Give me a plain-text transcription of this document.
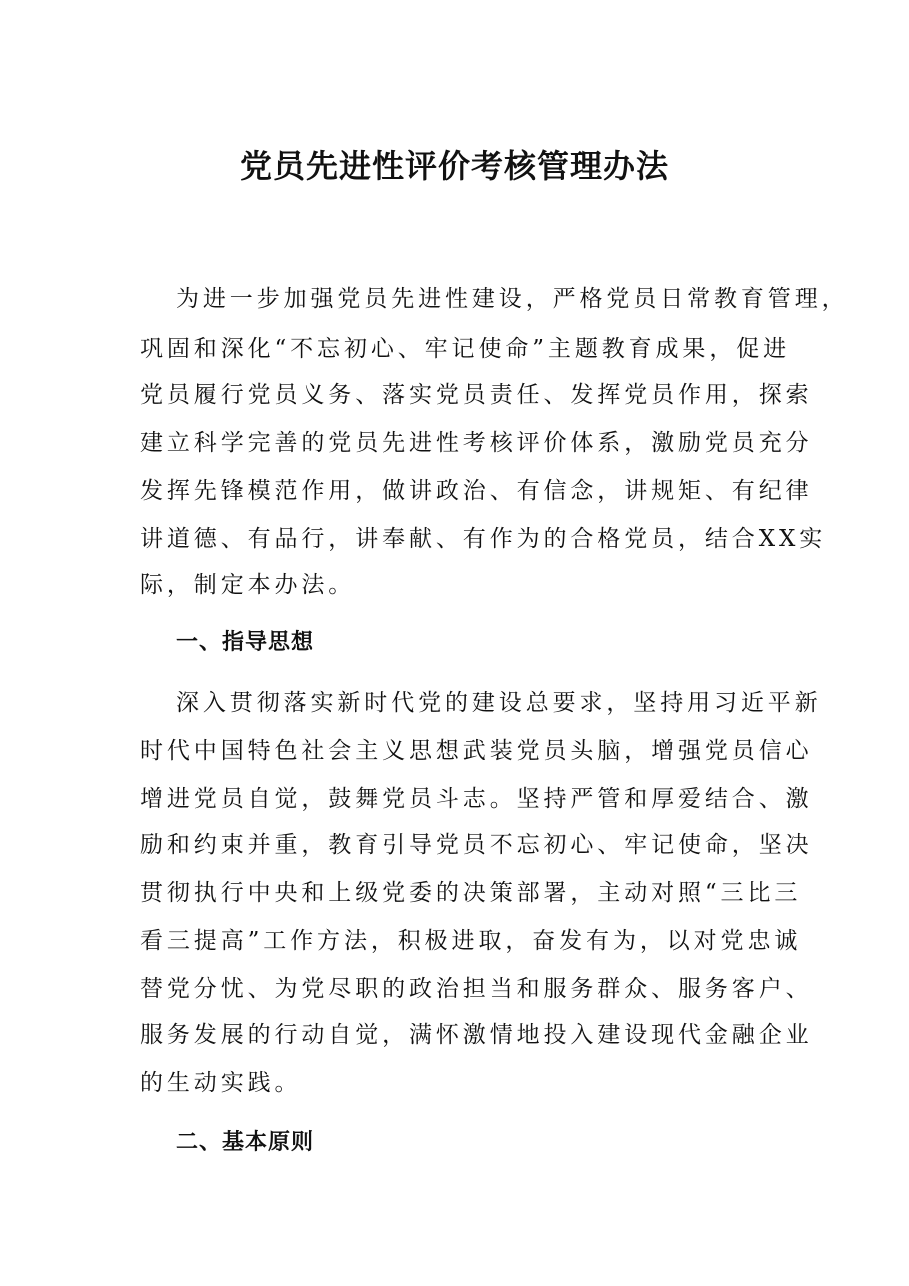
党员先进性评价考核管理办法
为进一步加强党员先进性建设，严格党员日常教育管理，
巩固和深化“不忘初心、牢记使命”主题教育成果，促进
党员履行党员义务、落实党员责任、发挥党员作用，探索
建立科学完善的党员先进性考核评价体系，激励党员充分
发挥先锋模范作用，做讲政治、有信念，讲规矩、有纪律
讲道德、有品行，讲奉献、有作为的合格党员，结合XX实
际，制定本办法。
一、指导思想
深入贯彻落实新时代党的建设总要求，坚持用习近平新
时代中国特色社会主义思想武装党员头脑，增强党员信心
增进党员自觉，鼓舞党员斗志。坚持严管和厚爱结合、激
励和约束并重，教育引导党员不忘初心、牢记使命，坚决
贯彻执行中央和上级党委的决策部署，主动对照“三比三
看三提高”工作方法，积极进取，奋发有为，以对党忠诚
替党分忧、为党尽职的政治担当和服务群众、服务客户、
服务发展的行动自觉，满怀激情地投入建设现代金融企业
的生动实践。
二、基本原则
